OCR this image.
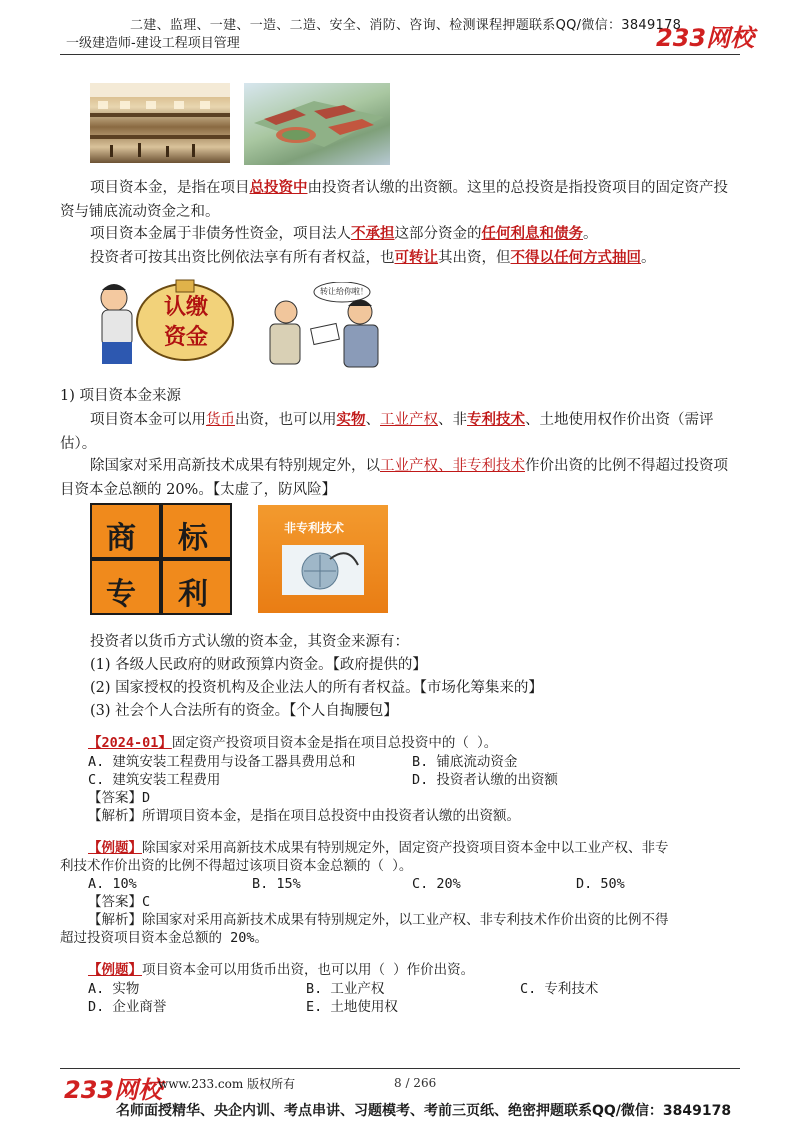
二建、监理、一建、一造、二造、安全、消防、咨询、检测课程押题联系QQ/微信：3849178
一级建造师-建设工程项目管理	233网校
项目资本金，是指在项目总投资中由投资者认缴的出资额。这里的总投资是指投资项目的固定资产投资与铺底流动资金之和。
项目资本金属于非债务性资金，项目法人不承担这部分资金的任何利息和债务。
投资者可按其出资比例依法享有所有者权益，也可转让其出资，但不得以任何方式抽回。
认缴
资金
转让给你啦！
1) 项目资本金来源
项目资本金可以用货币出资，也可以用实物、工业产权、非专利技术、土地使用权作价出资（需评估）。
除国家对采用高新技术成果有特别规定外，以工业产权、非专利技术作价出资的比例不得超过投资项目资本金总额的 20%。【太虚了，防风险】
商 标
专 利
非专利技术
投资者以货币方式认缴的资本金，其资金来源有：
(1) 各级人民政府的财政预算内资金。【政府提供的】
(2) 国家授权的投资机构及企业法人的所有者权益。【市场化筹集来的】
(3) 社会个人合法所有的资金。【个人自掏腰包】
【2024-01】固定资产投资项目资本金是指在项目总投资中的（ ）。
A. 建筑安装工程费用与设备工器具费用总和	B. 铺底流动资金
C. 建筑安装工程费用	D. 投资者认缴的出资额
【答案】D
【解析】所谓项目资本金，是指在项目总投资中由投资者认缴的出资额。
【例题】除国家对采用高新技术成果有特别规定外，固定资产投资项目资本金中以工业产权、非专
利技术作价出资的比例不得超过该项目资本金总额的（ ）。
A. 10%	B. 15%	C. 20%	D. 50%
【答案】C
【解析】除国家对采用高新技术成果有特别规定外，以工业产权、非专利技术作价出资的比例不得
超过投资项目资本金总额的 20%。
【例题】项目资本金可以用货币出资，也可以用（ ）作价出资。
A. 实物	B. 工业产权	C. 专利技术
D. 企业商誉	E. 土地使用权
233网校
www.233.com 版权所有	8 / 266
名师面授精华、央企内训、考点串讲、习题模考、考前三页纸、绝密押题联系QQ/微信：3849178
